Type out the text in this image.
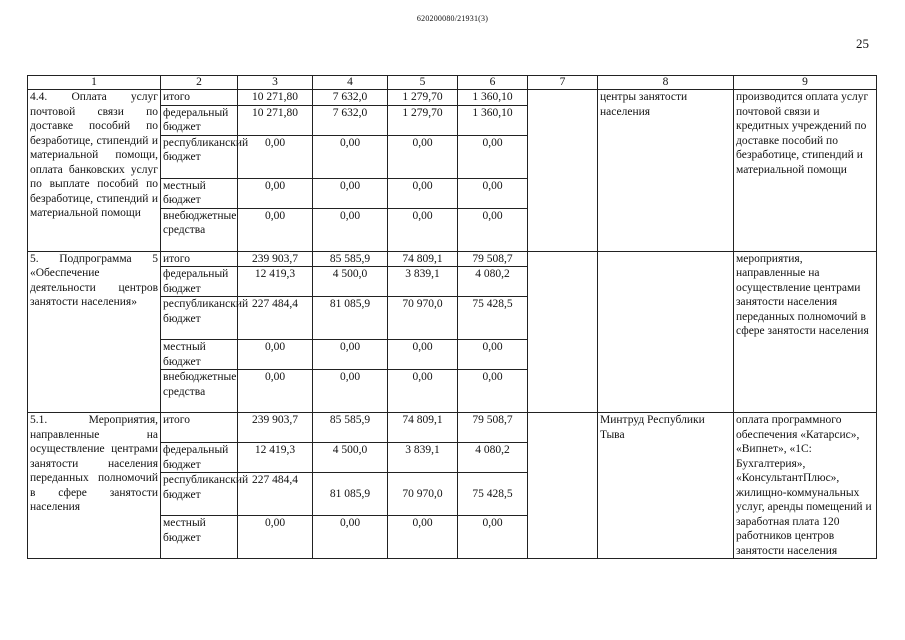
620200080/21931(3)
25
1	2	3	4	5	6	7	8	9
4.4. Оплата услуг почтовой связи по доставке пособий по безработице, стипендий и материальной помощи, оплата банковских услуг по выплате пособий по безработице, стипендий и материальной помощи	итого	10 271,80	7 632,0	1 279,70	1 360,10		центры занятости населения	производится оплата услуг почтовой связи и кредитных учреждений по доставке пособий по безработице, стипендий и материальной помощи
	федеральный бюджет	10 271,80	7 632,0	1 279,70	1 360,10			
	республиканский бюджет	0,00	0,00	0,00	0,00			
	местный бюджет	0,00	0,00	0,00	0,00			
	внебюджетные средства	0,00	0,00	0,00	0,00			
5. Подпрограмма 5 «Обеспечение деятельности центров занятости населения»	итого	239 903,7	85 585,9	74 809,1	79 508,7			мероприятия, направленные на осуществление центрами занятости населения переданных полномочий в сфере занятости населения
	федеральный бюджет	12 419,3	4 500,0	3 839,1	4 080,2			
	республиканский бюджет	227 484,4	81 085,9	70 970,0	75 428,5			
	местный бюджет	0,00	0,00	0,00	0,00			
	внебюджетные средства	0,00	0,00	0,00	0,00			
5.1. Мероприятия, направленные на осуществление центрами занятости населения переданных полномочий в сфере занятости населения	итого	239 903,7	85 585,9	74 809,1	79 508,7		Минтруд Республики Тыва	оплата программного обеспечения «Катарсис», «Випнет», «1С: Бухгалтерия», «КонсультантПлюс», жилищно-коммунальных услуг, аренды помещений и заработная плата 120 работников центров занятости населения
	федеральный бюджет	12 419,3	4 500,0	3 839,1	4 080,2			
	республиканский бюджет	227 484,4	81 085,9	70 970,0	75 428,5			
	местный бюджет	0,00	0,00	0,00	0,00			
